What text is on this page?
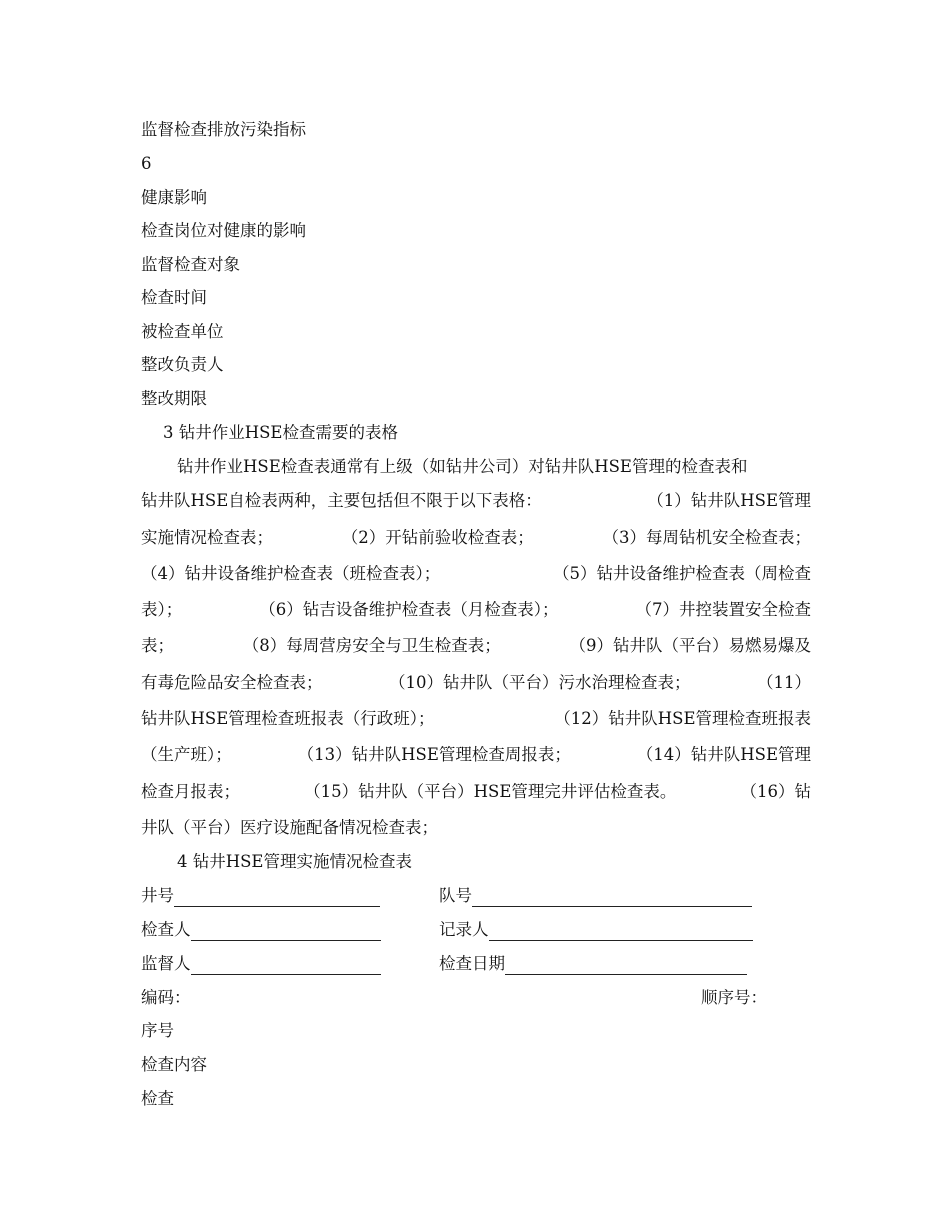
监督检查排放污染指标
6
健康影响
检查岗位对健康的影响
监督检查对象
检查时间
被检查单位
整改负责人
整改期限
3 钻井作业HSE检查需要的表格
钻井作业HSE检查表通常有上级（如钻井公司）对钻井队HSE管理的检查表和
钻井队HSE自检表两种，主要包括但不限于以下表格：	（1）钻井队HSE管理
实施情况检查表；	（2）开钻前验收检查表；	（3）每周钻机安全检查表；
（4）钻井设备维护检查表（班检查表）；	（5）钻井设备维护检查表（周检查
表）；	（6）钻吉设备维护检查表（月检查表）；	（7）井控装置安全检查
表；	（8）每周营房安全与卫生检查表；	（9）钻井队（平台）易燃易爆及
有毒危险品安全检查表；	（10）钻井队（平台）污水治理检查表；	（11）
钻井队HSE管理检查班报表（行政班）；	（12）钻井队HSE管理检查班报表
（生产班）；	（13）钻井队HSE管理检查周报表；	（14）钻井队HSE管理
检查月报表；	（15）钻井队（平台）HSE管理完井评估检查表。	（16）钻
井队（平台）医疗设施配备情况检查表；
4 钻井HSE管理实施情况检查表
井号	队号
检查人	记录人
监督人	检查日期
编码：	顺序号：
序号
检查内容
检查
